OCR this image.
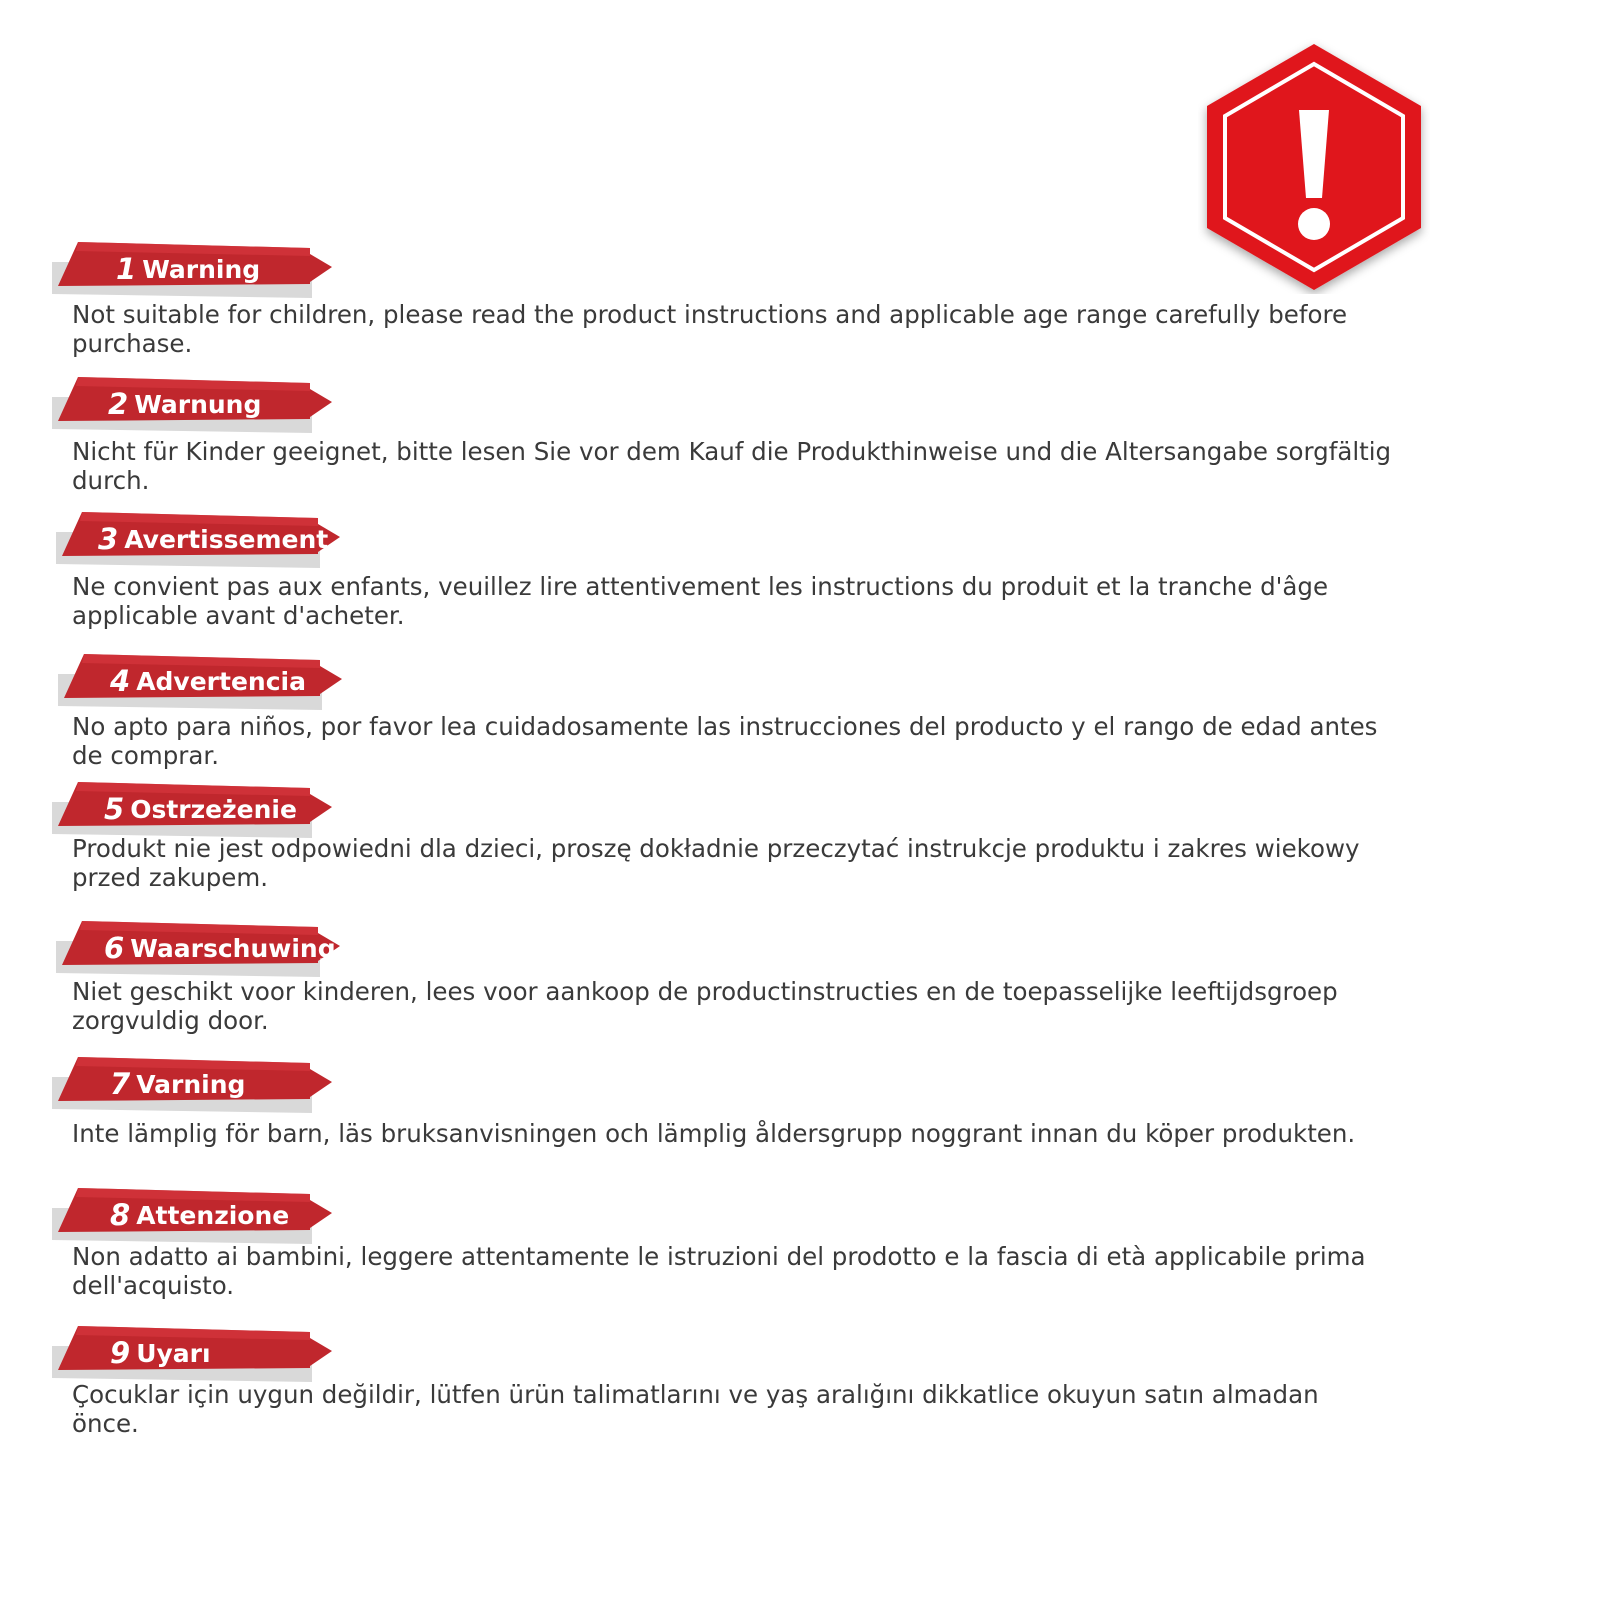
1 Warning

Not suitable for children, please read the product instructions and applicable age range carefully before purchase.

2 Warnung

Nicht für Kinder geeignet, bitte lesen Sie vor dem Kauf die Produkthinweise und die Altersangabe sorgfältig durch.

3 Avertissement

Ne convient pas aux enfants, veuillez lire attentivement les instructions du produit et la tranche d'âge applicable avant d'acheter.

4 Advertencia

No apto para niños, por favor lea cuidadosamente las instrucciones del producto y el rango de edad antes de comprar.

5 Ostrzeżenie

Produkt nie jest odpowiedni dla dzieci, proszę dokładnie przeczytać instrukcje produktu i zakres wiekowy przed zakupem.

6 Waarschuwing

Niet geschikt voor kinderen, lees voor aankoop de productinstructies en de toepasselijke leeftijdsgroep zorgvuldig door.

7 Varning

Inte lämplig för barn, läs bruksanvisningen och lämplig åldersgrupp noggrant innan du köper produkten.

8 Attenzione

Non adatto ai bambini, leggere attentamente le istruzioni del prodotto e la fascia di età applicabile prima dell'acquisto.

9 Uyarı

Çocuklar için uygun değildir, lütfen ürün talimatlarını ve yaş aralığını dikkatlice okuyun satın almadan önce.
